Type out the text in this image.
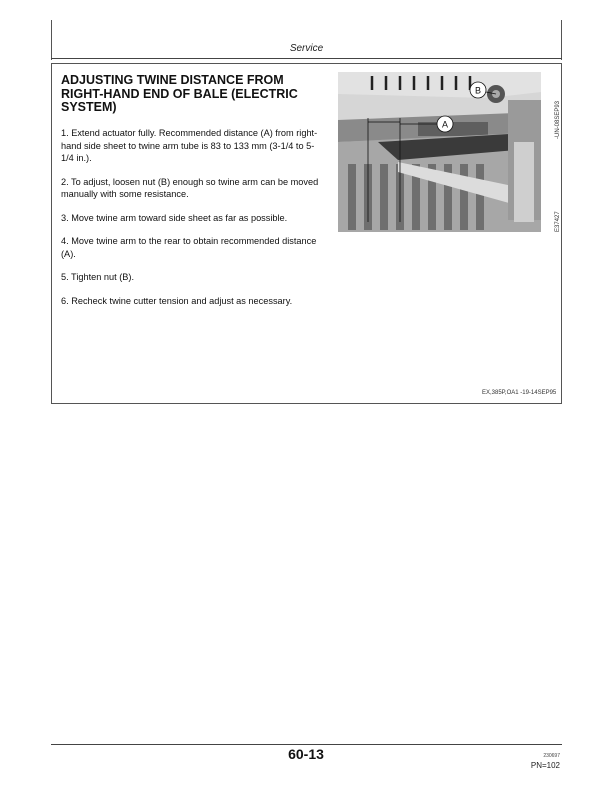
Service
ADJUSTING TWINE DISTANCE FROM RIGHT-HAND END OF BALE (ELECTRIC SYSTEM)

1. Extend actuator fully. Recommended distance (A) from right-hand side sheet to twine arm tube is 83 to 133 mm (3-1/4 to 5-1/4 in.).

2. To adjust, loosen nut (B) enough so twine arm can be moved manually with some resistance.

3. Move twine arm toward side sheet as far as possible.

4. Move twine arm to the rear to obtain recommended distance (A).

5. Tighten nut (B).

6. Recheck twine cutter tension and adjust as necessary.

A
B
-UN-08SEP93
E37427
EX,385P,OA1 -19-14SEP95
60-13	230697
PN=102
